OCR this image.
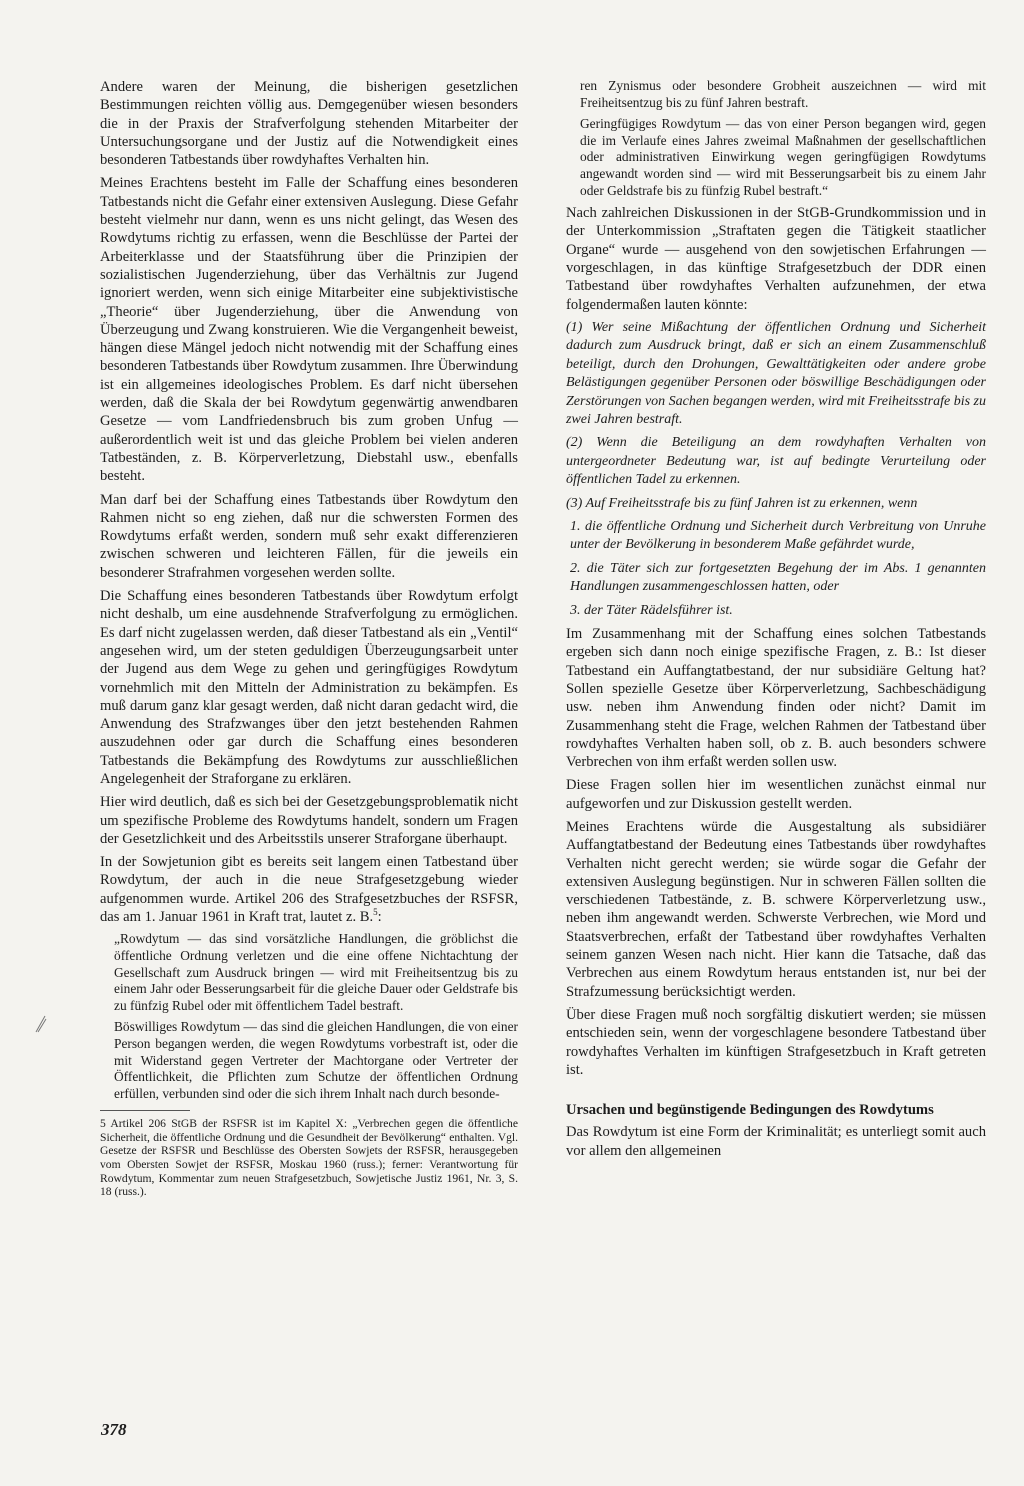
Andere waren der Meinung, die bisherigen gesetzlichen Bestimmungen reichten völlig aus. Demgegenüber wiesen besonders die in der Praxis der Strafverfolgung stehenden Mitarbeiter der Untersuchungsorgane und der Justiz auf die Notwendigkeit eines besonderen Tatbestands über rowdyhaftes Verhalten hin.

Meines Erachtens besteht im Falle der Schaffung eines besonderen Tatbestands nicht die Gefahr einer extensiven Auslegung. Diese Gefahr besteht vielmehr nur dann, wenn es uns nicht gelingt, das Wesen des Rowdytums richtig zu erfassen, wenn die Beschlüsse der Partei der Arbeiterklasse und der Staatsführung über die Prinzipien der sozialistischen Jugenderziehung, über das Verhältnis zur Jugend ignoriert werden, wenn sich einige Mitarbeiter eine subjektivistische „Theorie“ über Jugenderziehung, über die Anwendung von Überzeugung und Zwang konstruieren. Wie die Vergangenheit beweist, hängen diese Mängel jedoch nicht notwendig mit der Schaffung eines besonderen Tatbestands über Rowdytum zusammen. Ihre Überwindung ist ein allgemeines ideologisches Problem. Es darf nicht übersehen werden, daß die Skala der bei Rowdytum gegenwärtig anwendbaren Gesetze — vom Landfriedensbruch bis zum groben Unfug — außerordentlich weit ist und das gleiche Problem bei vielen anderen Tatbeständen, z. B. Körperverletzung, Diebstahl usw., ebenfalls besteht.

Man darf bei der Schaffung eines Tatbestands über Rowdytum den Rahmen nicht so eng ziehen, daß nur die schwersten Formen des Rowdytums erfaßt werden, sondern muß sehr exakt differenzieren zwischen schweren und leichteren Fällen, für die jeweils ein besonderer Strafrahmen vorgesehen werden sollte.

Die Schaffung eines besonderen Tatbestands über Rowdytum erfolgt nicht deshalb, um eine ausdehnende Strafverfolgung zu ermöglichen. Es darf nicht zugelassen werden, daß dieser Tatbestand als ein „Ventil“ angesehen wird, um der steten geduldigen Überzeugungsarbeit unter der Jugend aus dem Wege zu gehen und geringfügiges Rowdytum vornehmlich mit den Mitteln der Administration zu bekämpfen. Es muß darum ganz klar gesagt werden, daß nicht daran gedacht wird, die Anwendung des Strafzwanges über den jetzt bestehenden Rahmen auszudehnen oder gar durch die Schaffung eines besonderen Tatbestands die Bekämpfung des Rowdytums zur ausschließlichen Angelegenheit der Straforgane zu erklären.

Hier wird deutlich, daß es sich bei der Gesetzgebungsproblematik nicht um spezifische Probleme des Rowdytums handelt, sondern um Fragen der Gesetzlichkeit und des Arbeitsstils unserer Straforgane überhaupt.

In der Sowjetunion gibt es bereits seit langem einen Tatbestand über Rowdytum, der auch in die neue Strafgesetzgebung wieder aufgenommen wurde. Artikel 206 des Strafgesetzbuches der RSFSR, das am 1. Januar 1961 in Kraft trat, lautet z. B.$^5$:

„Rowdytum — das sind vorsätzliche Handlungen, die gröblichst die öffentliche Ordnung verletzen und die eine offene Nichtachtung der Gesellschaft zum Ausdruck bringen — wird mit Freiheitsentzug bis zu einem Jahr oder Besserungsarbeit für die gleiche Dauer oder Geldstrafe bis zu fünfzig Rubel oder mit öffentlichem Tadel bestraft.

Böswilliges Rowdytum — das sind die gleichen Handlungen, die von einer Person begangen werden, die wegen Rowdytums vorbestraft ist, oder die mit Widerstand gegen Vertreter der Machtorgane oder Vertreter der Öffentlichkeit, die Pflichten zum Schutze der öffentlichen Ordnung erfüllen, verbunden sind oder die sich ihrem Inhalt nach durch besonde-

5 Artikel 206 StGB der RSFSR ist im Kapitel X: „Verbrechen gegen die öffentliche Sicherheit, die öffentliche Ordnung und die Gesundheit der Bevölkerung“ enthalten. Vgl. Gesetze der RSFSR und Beschlüsse des Obersten Sowjets der RSFSR, herausgegeben vom Obersten Sowjet der RSFSR, Moskau 1960 (russ.); ferner: Verantwortung für Rowdytum, Kommentar zum neuen Strafgesetzbuch, Sowjetische Justiz 1961, Nr. 3, S. 18 (russ.).

ren Zynismus oder besondere Grobheit auszeichnen — wird mit Freiheitsentzug bis zu fünf Jahren bestraft.

Geringfügiges Rowdytum — das von einer Person begangen wird, gegen die im Verlaufe eines Jahres zweimal Maßnahmen der gesellschaftlichen oder administrativen Einwirkung wegen geringfügigen Rowdytums angewandt worden sind — wird mit Besserungsarbeit bis zu einem Jahr oder Geldstrafe bis zu fünfzig Rubel bestraft.“

Nach zahlreichen Diskussionen in der StGB-Grundkommission und in der Unterkommission „Straftaten gegen die Tätigkeit staatlicher Organe“ wurde — ausgehend von den sowjetischen Erfahrungen — vorgeschlagen, in das künftige Strafgesetzbuch der DDR einen Tatbestand über rowdyhaftes Verhalten aufzunehmen, der etwa folgendermaßen lauten könnte:

(1) Wer seine Mißachtung der öffentlichen Ordnung und Sicherheit dadurch zum Ausdruck bringt, daß er sich an einem Zusammenschluß beteiligt, durch den Drohungen, Gewalttätigkeiten oder andere grobe Belästigungen gegenüber Personen oder böswillige Beschädigungen oder Zerstörungen von Sachen begangen werden, wird mit Freiheitsstrafe bis zu zwei Jahren bestraft.

(2) Wenn die Beteiligung an dem rowdyhaften Verhalten von untergeordneter Bedeutung war, ist auf bedingte Verurteilung oder öffentlichen Tadel zu erkennen.

(3) Auf Freiheitsstrafe bis zu fünf Jahren ist zu erkennen, wenn

1. die öffentliche Ordnung und Sicherheit durch Verbreitung von Unruhe unter der Bevölkerung in besonderem Maße gefährdet wurde,

2. die Täter sich zur fortgesetzten Begehung der im Abs. 1 genannten Handlungen zusammengeschlossen hatten, oder

3. der Täter Rädelsführer ist.

Im Zusammenhang mit der Schaffung eines solchen Tatbestands ergeben sich dann noch einige spezifische Fragen, z. B.: Ist dieser Tatbestand ein Auffangtatbestand, der nur subsidiäre Geltung hat? Sollen spezielle Gesetze über Körperverletzung, Sachbeschädigung usw. neben ihm Anwendung finden oder nicht? Damit im Zusammenhang steht die Frage, welchen Rahmen der Tatbestand über rowdyhaftes Verhalten haben soll, ob z. B. auch besonders schwere Verbrechen von ihm erfaßt werden sollen usw.

Diese Fragen sollen hier im wesentlichen zunächst einmal nur aufgeworfen und zur Diskussion gestellt werden.

Meines Erachtens würde die Ausgestaltung als subsidiärer Auffangtatbestand der Bedeutung eines Tatbestands über rowdyhaftes Verhalten nicht gerecht werden; sie würde sogar die Gefahr der extensiven Auslegung begünstigen. Nur in schweren Fällen sollten die verschiedenen Tatbestände, z. B. schwere Körperverletzung usw., neben ihm angewandt werden. Schwerste Verbrechen, wie Mord und Staatsverbrechen, erfaßt der Tatbestand über rowdyhaftes Verhalten seinem ganzen Wesen nach nicht. Hier kann die Tatsache, daß das Verbrechen aus einem Rowdytum heraus entstanden ist, nur bei der Strafzumessung berücksichtigt werden.

Über diese Fragen muß noch sorgfältig diskutiert werden; sie müssen entschieden sein, wenn der vorgeschlagene besondere Tatbestand über rowdyhaftes Verhalten im künftigen Strafgesetzbuch in Kraft getreten ist.

Ursachen und begünstigende Bedingungen des Rowdytums

Das Rowdytum ist eine Form der Kriminalität; es unterliegt somit auch vor allem den allgemeinen

378
